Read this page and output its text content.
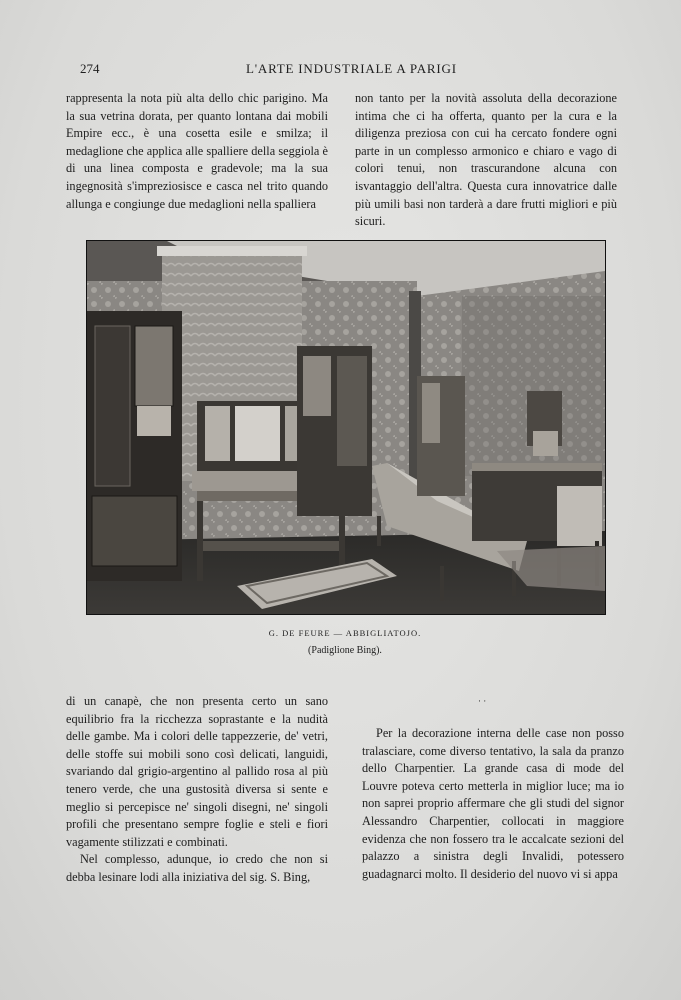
274	L'ARTE INDUSTRIALE A PARIGI

rappresenta la nota più alta dello chic parigino. Ma la sua vetrina dorata, per quanto lontana dai mobili Empire ecc., è una cosetta esile e smilza; il medaglione che applica alle spalliere della seggiola è di una linea composta e gradevole; ma la sua ingegnosità s'impreziosisce e casca nel trito quando allunga e congiunge due medaglioni nella spalliera

non tanto per la novità assoluta della decorazione intima che ci ha offerta, quanto per la cura e la diligenza preziosa con cui ha cercato fondere ogni parte in un complesso armonico e chiaro e vago di colori tenui, non trascurandone alcuna con isvantaggio dell'altra. Questa cura innovatrice dalle più umili basi non tarderà a dare frutti migliori e più sicuri.

G. DE FEURE — ABBIGLIATOJO.
(Padiglione Bing).

di un canapè, che non presenta certo un sano equilibrio fra la ricchezza soprastante e la nudità delle gambe. Ma i colori delle tappezzerie, de' vetri, delle stoffe sui mobili sono così delicati, languidi, svariando dal grigio-argentino al pallido rosa al più tenero verde, che una gustosità diversa si sente e meglio si percepisce ne' singoli disegni, ne' singoli profili che presentano sempre foglie e steli e fiori vagamente stilizzati e combinati.

Nel complesso, adunque, io credo che non si debba lesinare lodi alla iniziativa del sig. S. Bing,

· ·

Per la decorazione interna delle case non posso tralasciare, come diverso tentativo, la sala da pranzo dello Charpentier. La grande casa di mode del Louvre poteva certo metterla in miglior luce; ma io non saprei proprio affermare che gli studi del signor Alessandro Charpentier, collocati in maggiore evidenza che non fossero tra le accalcate sezioni del palazzo a sinistra degli Invalidi, potessero guadagnarci molto. Il desiderio del nuovo vi si appa
